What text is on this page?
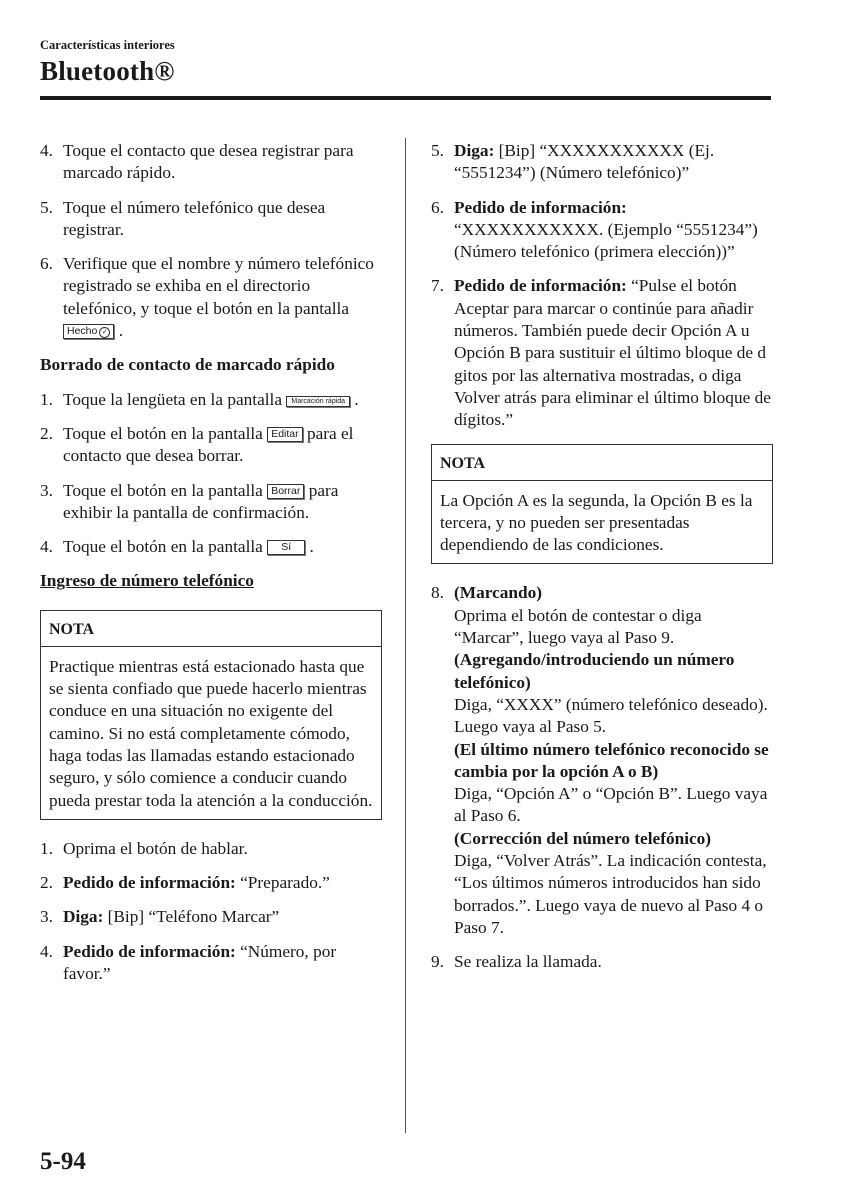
Características interiores
Bluetooth®
4. Toque el contacto que desea registrar para marcado rápido.
5. Toque el número telefónico que desea registrar.
6. Verifique que el nombre y número telefónico registrado se exhiba en el directorio telefónico, y toque el botón en la pantalla Hecho ✓ .
Borrado de contacto de marcado rápido
1. Toque la lengüeta en la pantalla Marcación rápida .
2. Toque el botón en la pantalla Editar para el contacto que desea borrar.
3. Toque el botón en la pantalla Borrar para exhibir la pantalla de confirmación.
4. Toque el botón en la pantalla Sí .
Ingreso de número telefónico
NOTA
Practique mientras está estacionado hasta que se sienta confiado que puede hacerlo mientras conduce en una situación no exigente del camino. Si no está completamente cómodo, haga todas las llamadas estando estacionado seguro, y sólo comience a conducir cuando pueda prestar toda la atención a la conducción.
1. Oprima el botón de hablar.
2. Pedido de información: “Preparado.”
3. Diga: [Bip] “Teléfono Marcar”
4. Pedido de información: “Número, por favor.”
5. Diga: [Bip] “XXXXXXXXXXX (Ej. “5551234”) (Número telefónico)”
6. Pedido de información: “XXXXXXXXXXX. (Ejemplo “5551234”) (Número telefónico (primera elección))”
7. Pedido de información: “Pulse el botón Aceptar para marcar o continúe para añadir números. También puede decir Opción A u Opción B para sustituir el último bloque de d gitos por las alternativa mostradas, o diga Volver atrás para eliminar el último bloque de dígitos.”
NOTA
La Opción A es la segunda, la Opción B es la tercera, y no pueden ser presentadas dependiendo de las condiciones.
8. (Marcando)
Oprima el botón de contestar o diga “Marcar”, luego vaya al Paso 9.
(Agregando/introduciendo un número telefónico)
Diga, “XXXX” (número telefónico deseado). Luego vaya al Paso 5.
(El último número telefónico reconocido se cambia por la opción A o B)
Diga, “Opción A” o “Opción B”. Luego vaya al Paso 6.
(Corrección del número telefónico)
Diga, “Volver Atrás”. La indicación contesta, “Los últimos números introducidos han sido borrados.”. Luego vaya de nuevo al Paso 4 o Paso 7.
9. Se realiza la llamada.
5-94
